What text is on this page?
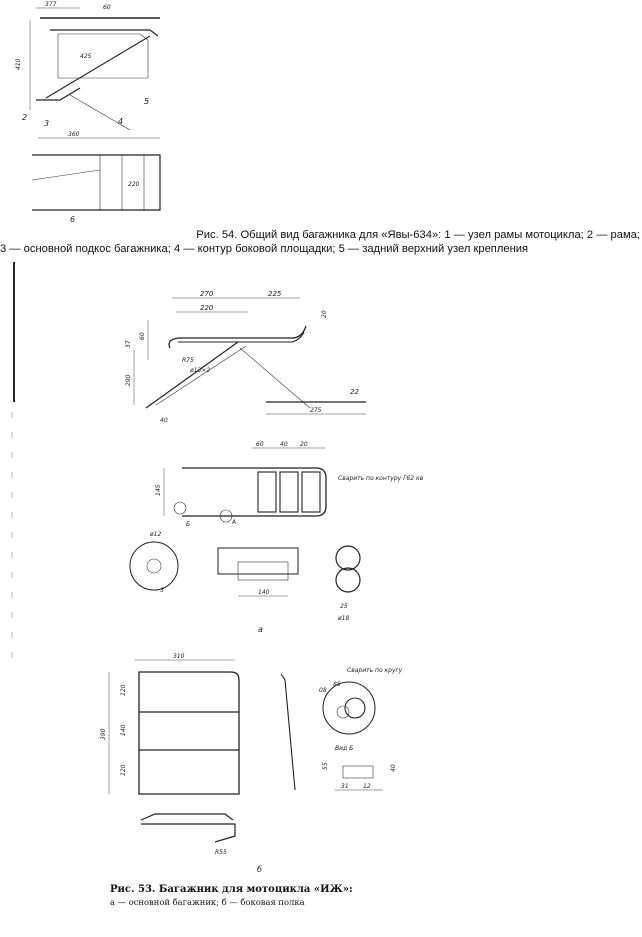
377	60
410
425
2
3	4
5
360
220
6
Рис. 54. Общий вид багажника для «Явы-634»: 1 — узел рамы мотоцикла; 2 — рама;
3 — основной подкос багажника; 4 — контур боковой площадки; 5 — задний верхний узел крепления
270	225
220
60
37
290
R75
ø13×2
22
275
20
40
60	40 20
145
Сварить по контуру Г62 кв
Б	A
ø12
5	140
25
ø18
а
310
390
120
140
120
85
Сварить по кругу
08
Вид Б
31 12
55	40
R55
б
Рис. 53. Багажник для мотоцикла «ИЖ»:
а — основной багажник; б — боковая полка
